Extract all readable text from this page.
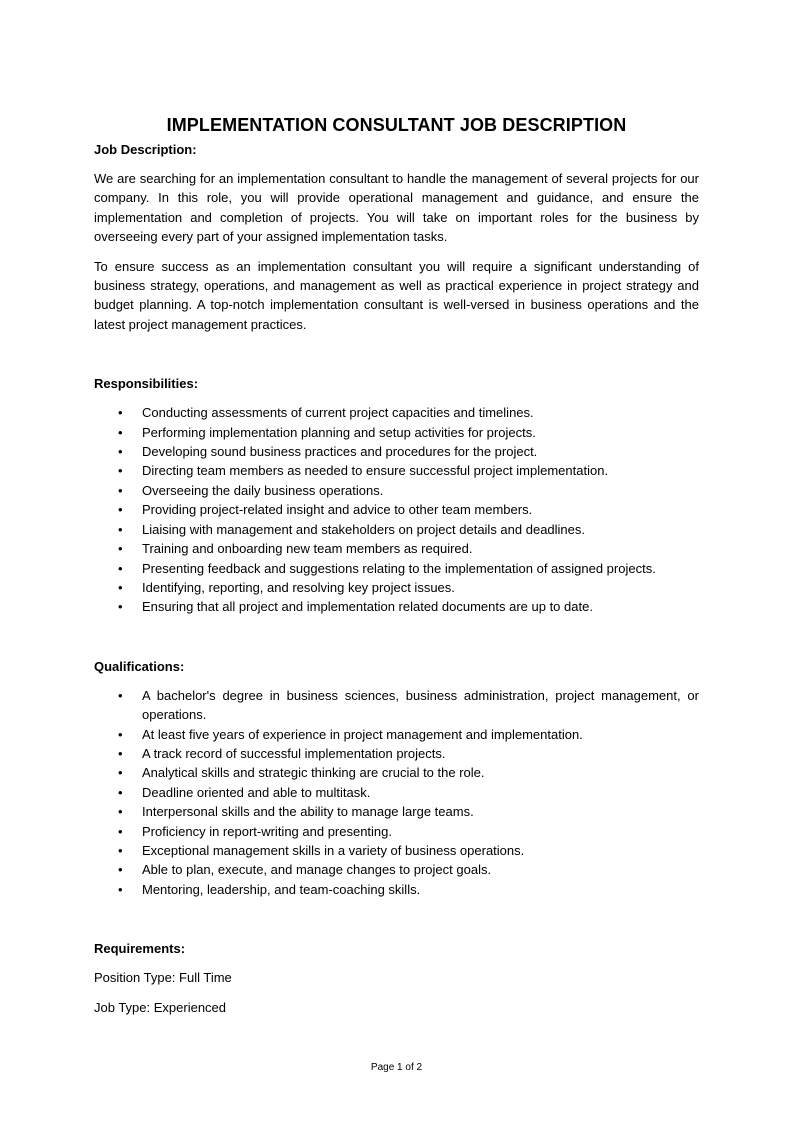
IMPLEMENTATION CONSULTANT JOB DESCRIPTION
Job Description:

We are searching for an implementation consultant to handle the management of several projects for our company. In this role, you will provide operational management and guidance, and ensure the implementation and completion of projects. You will take on important roles for the business by overseeing every part of your assigned implementation tasks.

To ensure success as an implementation consultant you will require a significant understanding of business strategy, operations, and management as well as practical experience in project strategy and budget planning. A top-notch implementation consultant is well-versed in business operations and the latest project management practices.

Responsibilities:
• Conducting assessments of current project capacities and timelines.
• Performing implementation planning and setup activities for projects.
• Developing sound business practices and procedures for the project.
• Directing team members as needed to ensure successful project implementation.
• Overseeing the daily business operations.
• Providing project-related insight and advice to other team members.
• Liaising with management and stakeholders on project details and deadlines.
• Training and onboarding new team members as required.
• Presenting feedback and suggestions relating to the implementation of assigned projects.
• Identifying, reporting, and resolving key project issues.
• Ensuring that all project and implementation related documents are up to date.
Qualifications:
• A bachelor's degree in business sciences, business administration, project management, or operations.
• At least five years of experience in project management and implementation.
• A track record of successful implementation projects.
• Analytical skills and strategic thinking are crucial to the role.
• Deadline oriented and able to multitask.
• Interpersonal skills and the ability to manage large teams.
• Proficiency in report-writing and presenting.
• Exceptional management skills in a variety of business operations.
• Able to plan, execute, and manage changes to project goals.
• Mentoring, leadership, and team-coaching skills.
Requirements:

Position Type: Full Time

Job Type: Experienced

Page 1 of 2
